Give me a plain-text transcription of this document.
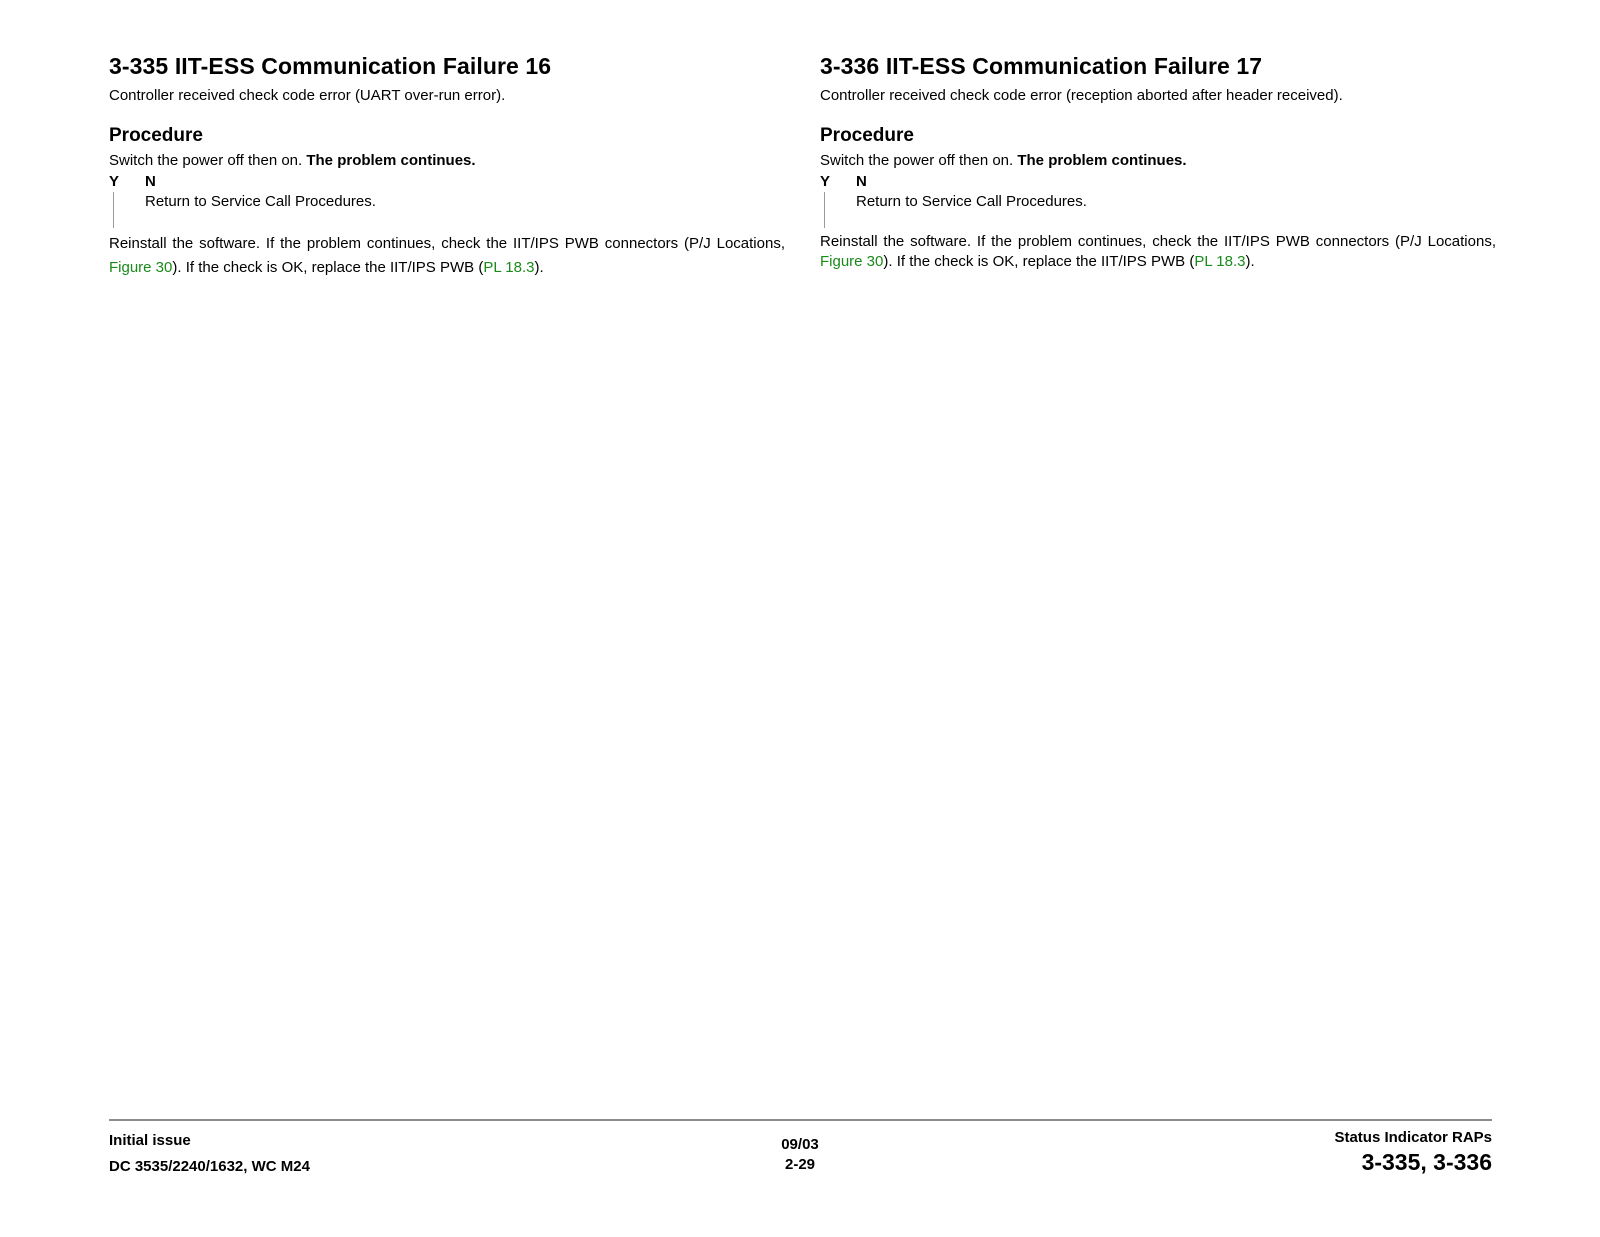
3-335 IIT-ESS Communication Failure 16

Controller received check code error (UART over-run error).

Procedure

Switch the power off then on. The problem continues.

Y N
Return to Service Call Procedures.

Reinstall the software. If the problem continues, check the IIT/IPS PWB connectors (P/J Locations, Figure 30). If the check is OK, replace the IIT/IPS PWB (PL 18.3).

3-336 IIT-ESS Communication Failure 17

Controller received check code error (reception aborted after header received).

Procedure

Switch the power off then on. The problem continues.

Y N
Return to Service Call Procedures.

Reinstall the software. If the problem continues, check the IIT/IPS PWB connectors (P/J Locations, Figure 30). If the check is OK, replace the IIT/IPS PWB (PL 18.3).

Initial issue
DC 3535/2240/1632, WC M24
09/03
2-29
Status Indicator RAPs
3-335, 3-336
